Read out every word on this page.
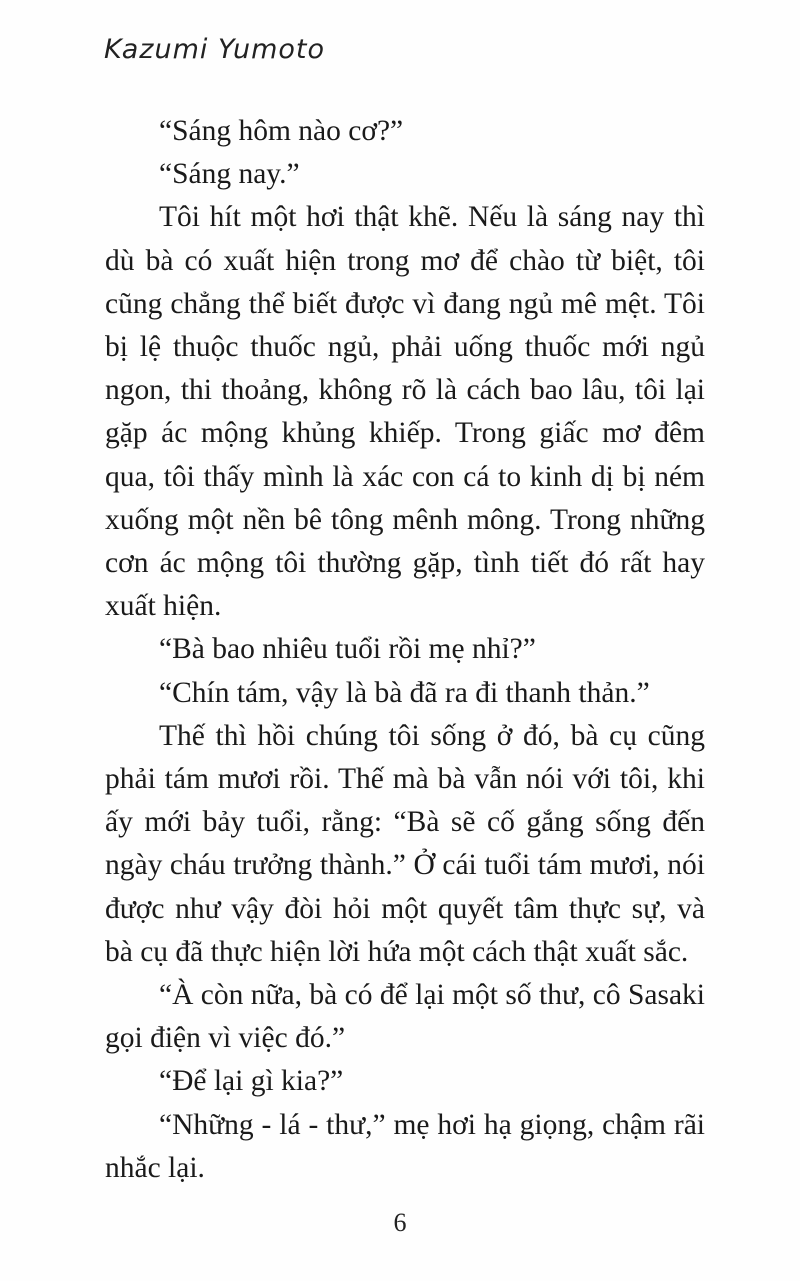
Kazumi Yumoto

“Sáng hôm nào cơ?”

“Sáng nay.”

Tôi hít một hơi thật khẽ. Nếu là sáng nay thì dù bà có xuất hiện trong mơ để chào từ biệt, tôi cũng chẳng thể biết được vì đang ngủ mê mệt. Tôi bị lệ thuộc thuốc ngủ, phải uống thuốc mới ngủ ngon, thi thoảng, không rõ là cách bao lâu, tôi lại gặp ác mộng khủng khiếp. Trong giấc mơ đêm qua, tôi thấy mình là xác con cá to kinh dị bị ném xuống một nền bê tông mênh mông. Trong những cơn ác mộng tôi thường gặp, tình tiết đó rất hay xuất hiện.

“Bà bao nhiêu tuổi rồi mẹ nhỉ?”

“Chín tám, vậy là bà đã ra đi thanh thản.”

Thế thì hồi chúng tôi sống ở đó, bà cụ cũng phải tám mươi rồi. Thế mà bà vẫn nói với tôi, khi ấy mới bảy tuổi, rằng: “Bà sẽ cố gắng sống đến ngày cháu trưởng thành.” Ở cái tuổi tám mươi, nói được như vậy đòi hỏi một quyết tâm thực sự, và bà cụ đã thực hiện lời hứa một cách thật xuất sắc.

“À còn nữa, bà có để lại một số thư, cô Sasaki gọi điện vì việc đó.”

“Để lại gì kia?”

“Những - lá - thư,” mẹ hơi hạ giọng, chậm rãi nhắc lại.

6
